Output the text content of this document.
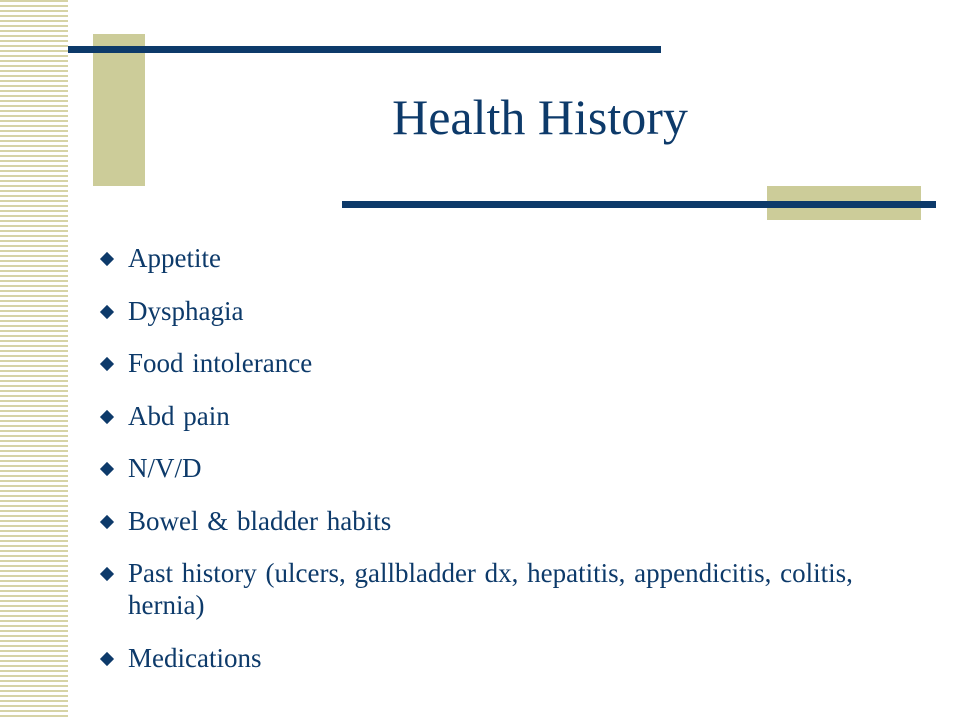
Health History
Appetite
Dysphagia
Food intolerance
Abd pain
N/V/D
Bowel & bladder habits
Past history (ulcers, gallbladder dx, hepatitis, appendicitis, colitis, hernia)
Medications
